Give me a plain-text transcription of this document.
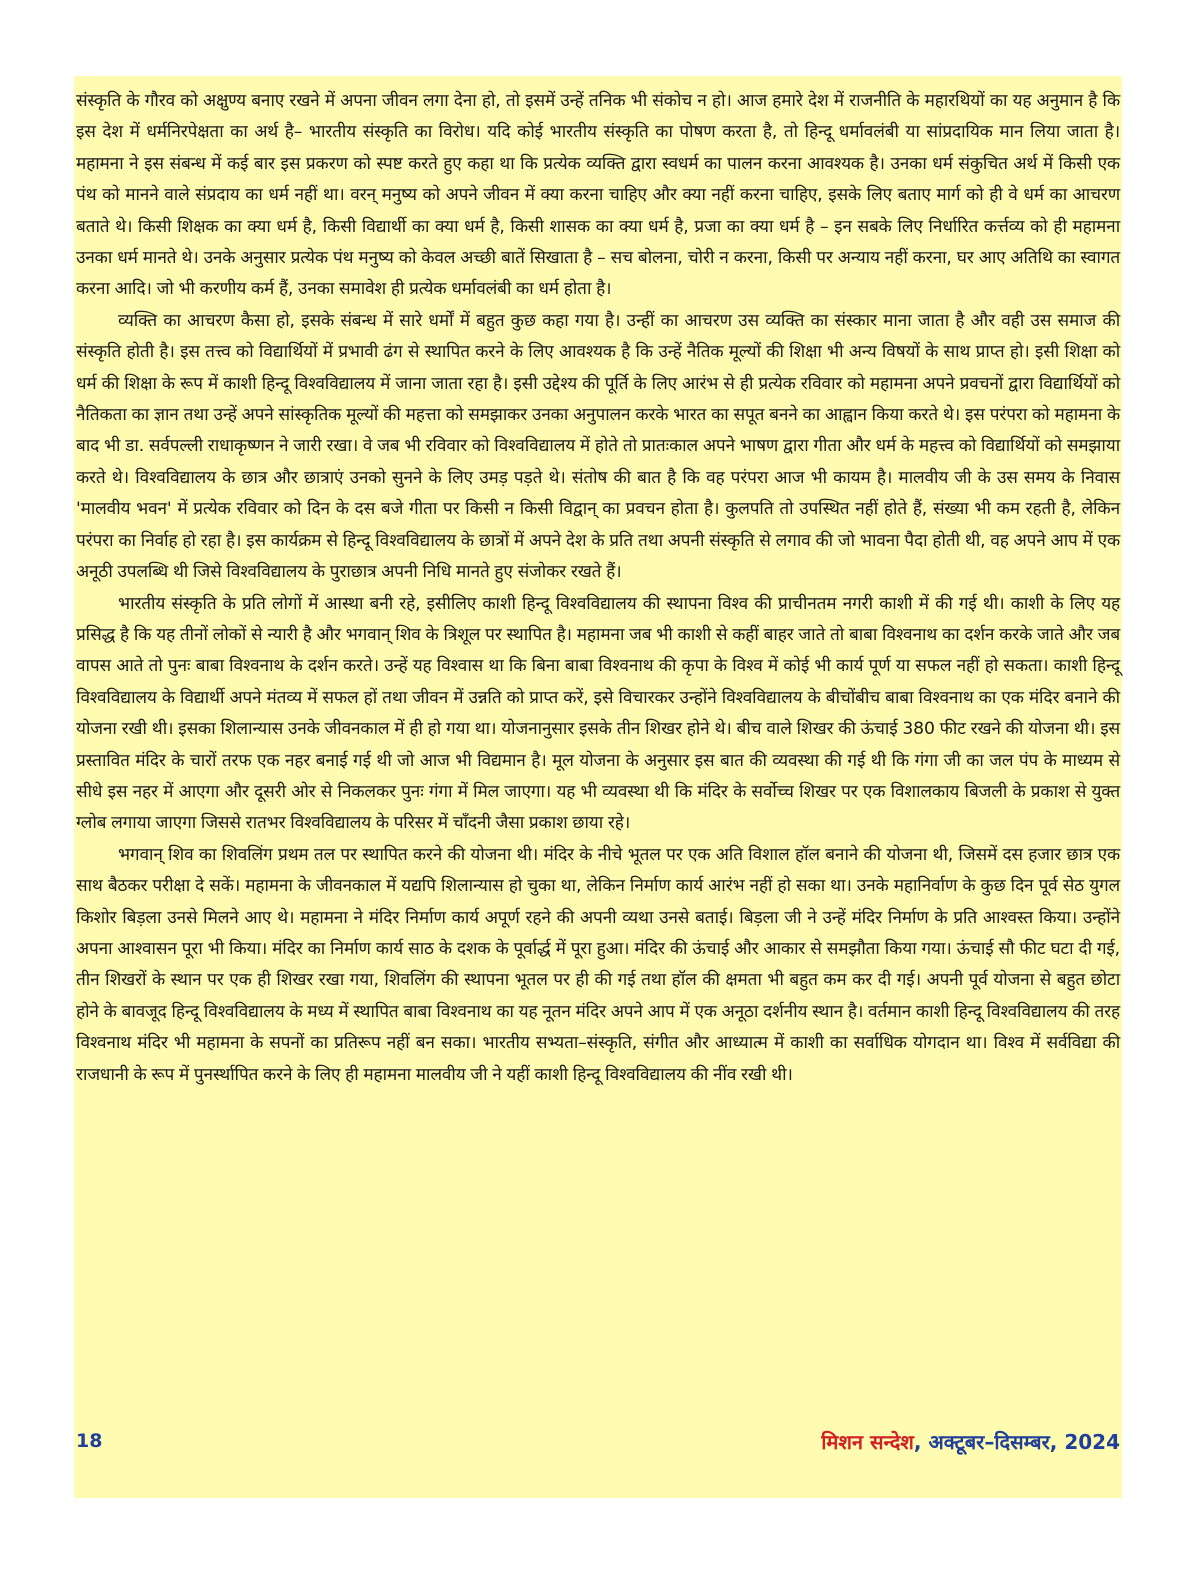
संस्कृति के गौरव को अक्षुण्य बनाए रखने में अपना जीवन लगा देना हो, तो इसमें उन्हें तनिक भी संकोच न हो। आज हमारे देश में राजनीति के महारथियों का यह अनुमान है कि इस देश में धर्मनिरपेक्षता का अर्थ है– भारतीय संस्कृति का विरोध। यदि कोई भारतीय संस्कृति का पोषण करता है, तो हिन्दू धर्मावलंबी या सांप्रदायिक मान लिया जाता है। महामना ने इस संबन्ध में कई बार इस प्रकरण को स्पष्ट करते हुए कहा था कि प्रत्येक व्यक्ति द्वारा स्वधर्म का पालन करना आवश्यक है। उनका धर्म संकुचित अर्थ में किसी एक पंथ को मानने वाले संप्रदाय का धर्म नहीं था। वरन् मनुष्य को अपने जीवन में क्या करना चाहिए और क्या नहीं करना चाहिए, इसके लिए बताए मार्ग को ही वे धर्म का आचरण बताते थे। किसी शिक्षक का क्या धर्म है, किसी विद्यार्थी का क्या धर्म है, किसी शासक का क्या धर्म है, प्रजा का क्या धर्म है – इन सबके लिए निर्धारित कर्त्तव्य को ही महामना उनका धर्म मानते थे। उनके अनुसार प्रत्येक पंथ मनुष्य को केवल अच्छी बातें सिखाता है – सच बोलना, चोरी न करना, किसी पर अन्याय नहीं करना, घर आए अतिथि का स्वागत करना आदि। जो भी करणीय कर्म हैं, उनका समावेश ही प्रत्येक धर्मावलंबी का धर्म होता है।

व्यक्ति का आचरण कैसा हो, इसके संबन्ध में सारे धर्मों में बहुत कुछ कहा गया है। उन्हीं का आचरण उस व्यक्ति का संस्कार माना जाता है और वही उस समाज की संस्कृति होती है। इस तत्त्व को विद्यार्थियों में प्रभावी ढंग से स्थापित करने के लिए आवश्यक है कि उन्हें नैतिक मूल्यों की शिक्षा भी अन्य विषयों के साथ प्राप्त हो। इसी शिक्षा को धर्म की शिक्षा के रूप में काशी हिन्दू विश्वविद्यालय में जाना जाता रहा है। इसी उद्देश्य की पूर्ति के लिए आरंभ से ही प्रत्येक रविवार को महामना अपने प्रवचनों द्वारा विद्यार्थियों को नैतिकता का ज्ञान तथा उन्हें अपने सांस्कृतिक मूल्यों की महत्ता को समझाकर उनका अनुपालन करके भारत का सपूत बनने का आह्वान किया करते थे। इस परंपरा को महामना के बाद भी डा. सर्वपल्ली राधाकृष्णन ने जारी रखा। वे जब भी रविवार को विश्वविद्यालय में होते तो प्रातःकाल अपने भाषण द्वारा गीता और धर्म के महत्त्व को विद्यार्थियों को समझाया करते थे। विश्वविद्यालय के छात्र और छात्राएं उनको सुनने के लिए उमड़ पड़ते थे। संतोष की बात है कि वह परंपरा आज भी कायम है। मालवीय जी के उस समय के निवास 'मालवीय भवन' में प्रत्येक रविवार को दिन के दस बजे गीता पर किसी न किसी विद्वान् का प्रवचन होता है। कुलपति तो उपस्थित नहीं होते हैं, संख्या भी कम रहती है, लेकिन परंपरा का निर्वाह हो रहा है। इस कार्यक्रम से हिन्दू विश्वविद्यालय के छात्रों में अपने देश के प्रति तथा अपनी संस्कृति से लगाव की जो भावना पैदा होती थी, वह अपने आप में एक अनूठी उपलब्धि थी जिसे विश्वविद्यालय के पुराछात्र अपनी निधि मानते हुए संजोकर रखते हैं।

भारतीय संस्कृति के प्रति लोगों में आस्था बनी रहे, इसीलिए काशी हिन्दू विश्वविद्यालय की स्थापना विश्व की प्राचीनतम नगरी काशी में की गई थी। काशी के लिए यह प्रसिद्ध है कि यह तीनों लोकों से न्यारी है और भगवान् शिव के त्रिशूल पर स्थापित है। महामना जब भी काशी से कहीं बाहर जाते तो बाबा विश्वनाथ का दर्शन करके जाते और जब वापस आते तो पुनः बाबा विश्वनाथ के दर्शन करते। उन्हें यह विश्वास था कि बिना बाबा विश्वनाथ की कृपा के विश्व में कोई भी कार्य पूर्ण या सफल नहीं हो सकता। काशी हिन्दू विश्वविद्यालय के विद्यार्थी अपने मंतव्य में सफल हों तथा जीवन में उन्नति को प्राप्त करें, इसे विचारकर उन्होंने विश्वविद्यालय के बीचोंबीच बाबा विश्वनाथ का एक मंदिर बनाने की योजना रखी थी। इसका शिलान्यास उनके जीवनकाल में ही हो गया था। योजनानुसार इसके तीन शिखर होने थे। बीच वाले शिखर की ऊंचाई 380 फीट रखने की योजना थी। इस प्रस्तावित मंदिर के चारों तरफ एक नहर बनाई गई थी जो आज भी विद्यमान है। मूल योजना के अनुसार इस बात की व्यवस्था की गई थी कि गंगा जी का जल पंप के माध्यम से सीधे इस नहर में आएगा और दूसरी ओर से निकलकर पुनः गंगा में मिल जाएगा। यह भी व्यवस्था थी कि मंदिर के सर्वोच्च शिखर पर एक विशालकाय बिजली के प्रकाश से युक्त ग्लोब लगाया जाएगा जिससे रातभर विश्वविद्यालय के परिसर में चाँदनी जैसा प्रकाश छाया रहे।

भगवान् शिव का शिवलिंग प्रथम तल पर स्थापित करने की योजना थी। मंदिर के नीचे भूतल पर एक अति विशाल हॉल बनाने की योजना थी, जिसमें दस हजार छात्र एक साथ बैठकर परीक्षा दे सकें। महामना के जीवनकाल में यद्यपि शिलान्यास हो चुका था, लेकिन निर्माण कार्य आरंभ नहीं हो सका था। उनके महानिर्वाण के कुछ दिन पूर्व सेठ युगल किशोर बिड़ला उनसे मिलने आए थे। महामना ने मंदिर निर्माण कार्य अपूर्ण रहने की अपनी व्यथा उनसे बताई। बिड़ला जी ने उन्हें मंदिर निर्माण के प्रति आश्वस्त किया। उन्होंने अपना आश्वासन पूरा भी किया। मंदिर का निर्माण कार्य साठ के दशक के पूर्वार्द्ध में पूरा हुआ। मंदिर की ऊंचाई और आकार से समझौता किया गया। ऊंचाई सौ फीट घटा दी गई, तीन शिखरों के स्थान पर एक ही शिखर रखा गया, शिवलिंग की स्थापना भूतल पर ही की गई तथा हॉल की क्षमता भी बहुत कम कर दी गई। अपनी पूर्व योजना से बहुत छोटा होने के बावजूद हिन्दू विश्वविद्यालय के मध्य में स्थापित बाबा विश्वनाथ का यह नूतन मंदिर अपने आप में एक अनूठा दर्शनीय स्थान है। वर्तमान काशी हिन्दू विश्वविद्यालय की तरह विश्वनाथ मंदिर भी महामना के सपनों का प्रतिरूप नहीं बन सका। भारतीय सभ्यता–संस्कृति, संगीत और आध्यात्म में काशी का सर्वाधिक योगदान था। विश्व में सर्वविद्या की राजधानी के रूप में पुनर्स्थापित करने के लिए ही महामना मालवीय जी ने यहीं काशी हिन्दू विश्वविद्यालय की नींव रखी थी।

18	मिशन सन्देश, अक्टूबर–दिसम्बर, 2024
